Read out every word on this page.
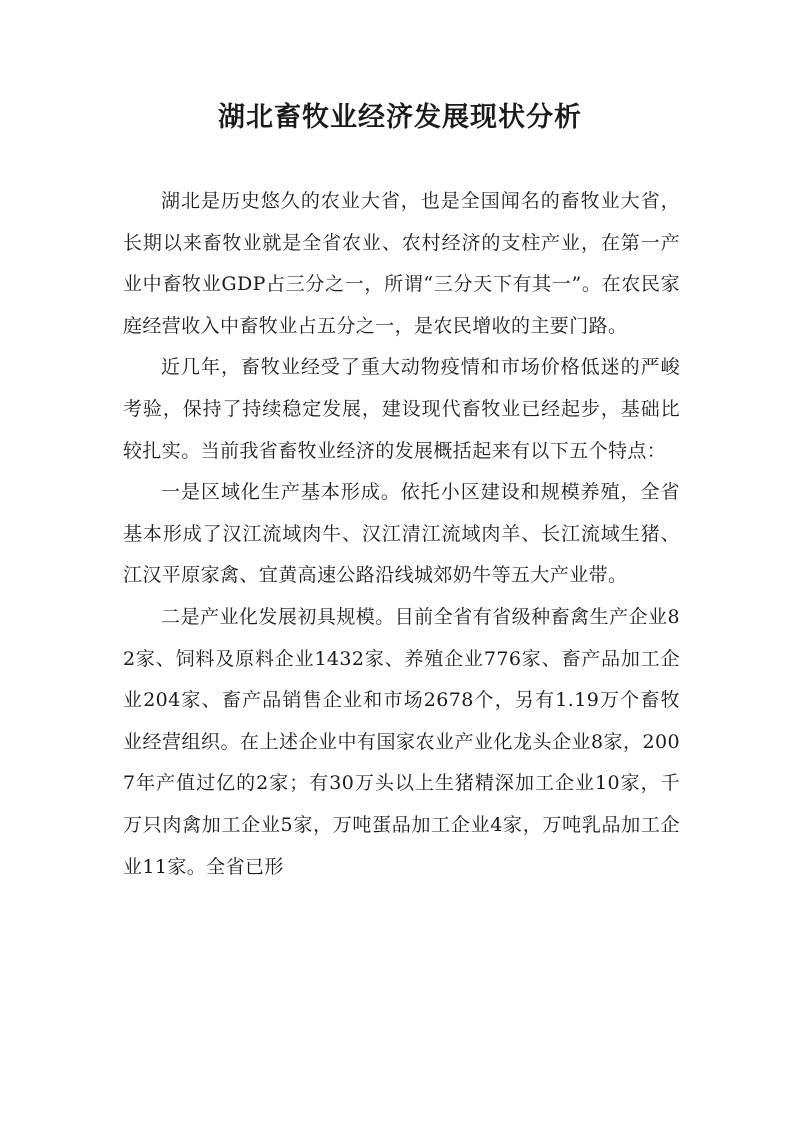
湖北畜牧业经济发展现状分析

湖北是历史悠久的农业大省，也是全国闻名的畜牧业大省，长期以来畜牧业就是全省农业、农村经济的支柱产业，在第一产业中畜牧业GDP占三分之一，所谓“三分天下有其一”。在农民家庭经营收入中畜牧业占五分之一，是农民增收的主要门路。

近几年，畜牧业经受了重大动物疫情和市场价格低迷的严峻考验，保持了持续稳定发展，建设现代畜牧业已经起步，基础比较扎实。当前我省畜牧业经济的发展概括起来有以下五个特点：

一是区域化生产基本形成。依托小区建设和规模养殖，全省基本形成了汉江流域肉牛、汉江清江流域肉羊、长江流域生猪、江汉平原家禽、宜黄高速公路沿线城郊奶牛等五大产业带。

二是产业化发展初具规模。目前全省有省级种畜禽生产企业82家、饲料及原料企业1432家、养殖企业776家、畜产品加工企业204家、畜产品销售企业和市场2678个，另有1.19万个畜牧业经营组织。在上述企业中有国家农业产业化龙头企业8家，2007年产值过亿的2家；有30万头以上生猪精深加工企业10家，千万只肉禽加工企业5家，万吨蛋品加工企业4家，万吨乳品加工企业11家。全省已形
